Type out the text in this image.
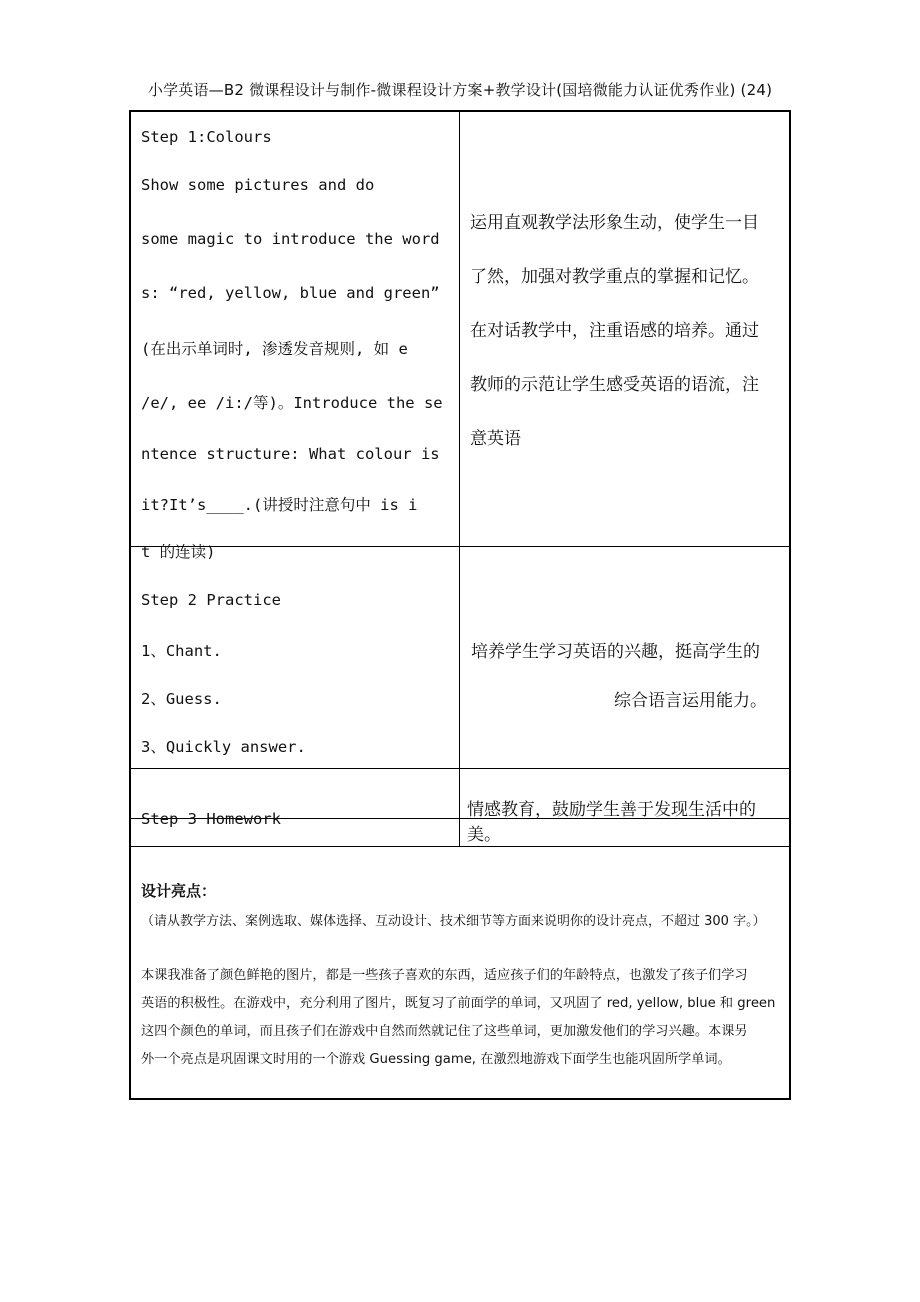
小学英语—B2 微课程设计与制作-微课程设计方案+教学设计(国培微能力认证优秀作业) (24)
Step 1:Colours
Show some pictures and do
some magic to introduce the word
s: “red, yellow, blue and green”
(在出示单词时, 渗透发音规则, 如 e
/e/, ee /i:/等)。Introduce the se
ntence structure: What colour is
it?It’s____.(讲授时注意句中 is i
t 的连读)
运用直观教学法形象生动，使学生一目
了然，加强对教学重点的掌握和记忆。
在对话教学中，注重语感的培养。通过
教师的示范让学生感受英语的语流，注
意英语
Step 2 Practice
1、Chant.
2、Guess.
3、Quickly answer.
培养学生学习英语的兴趣，挺高学生的
综合语言运用能力。
Step 3 Homework	情感教育，鼓励学生善于发现生活中的
美。
设计亮点：
（请从教学方法、案例选取、媒体选择、互动设计、技术细节等方面来说明你的设计亮点，不超过 300 字。）
本课我准备了颜色鲜艳的图片，都是一些孩子喜欢的东西，适应孩子们的年龄特点，也激发了孩子们学习
英语的积极性。在游戏中，充分利用了图片，既复习了前面学的单词，又巩固了 red, yellow, blue 和 green
这四个颜色的单词，而且孩子们在游戏中自然而然就记住了这些单词，更加激发他们的学习兴趣。本课另
外一个亮点是巩固课文时用的一个游戏 Guessing game, 在激烈地游戏下面学生也能巩固所学单词。
